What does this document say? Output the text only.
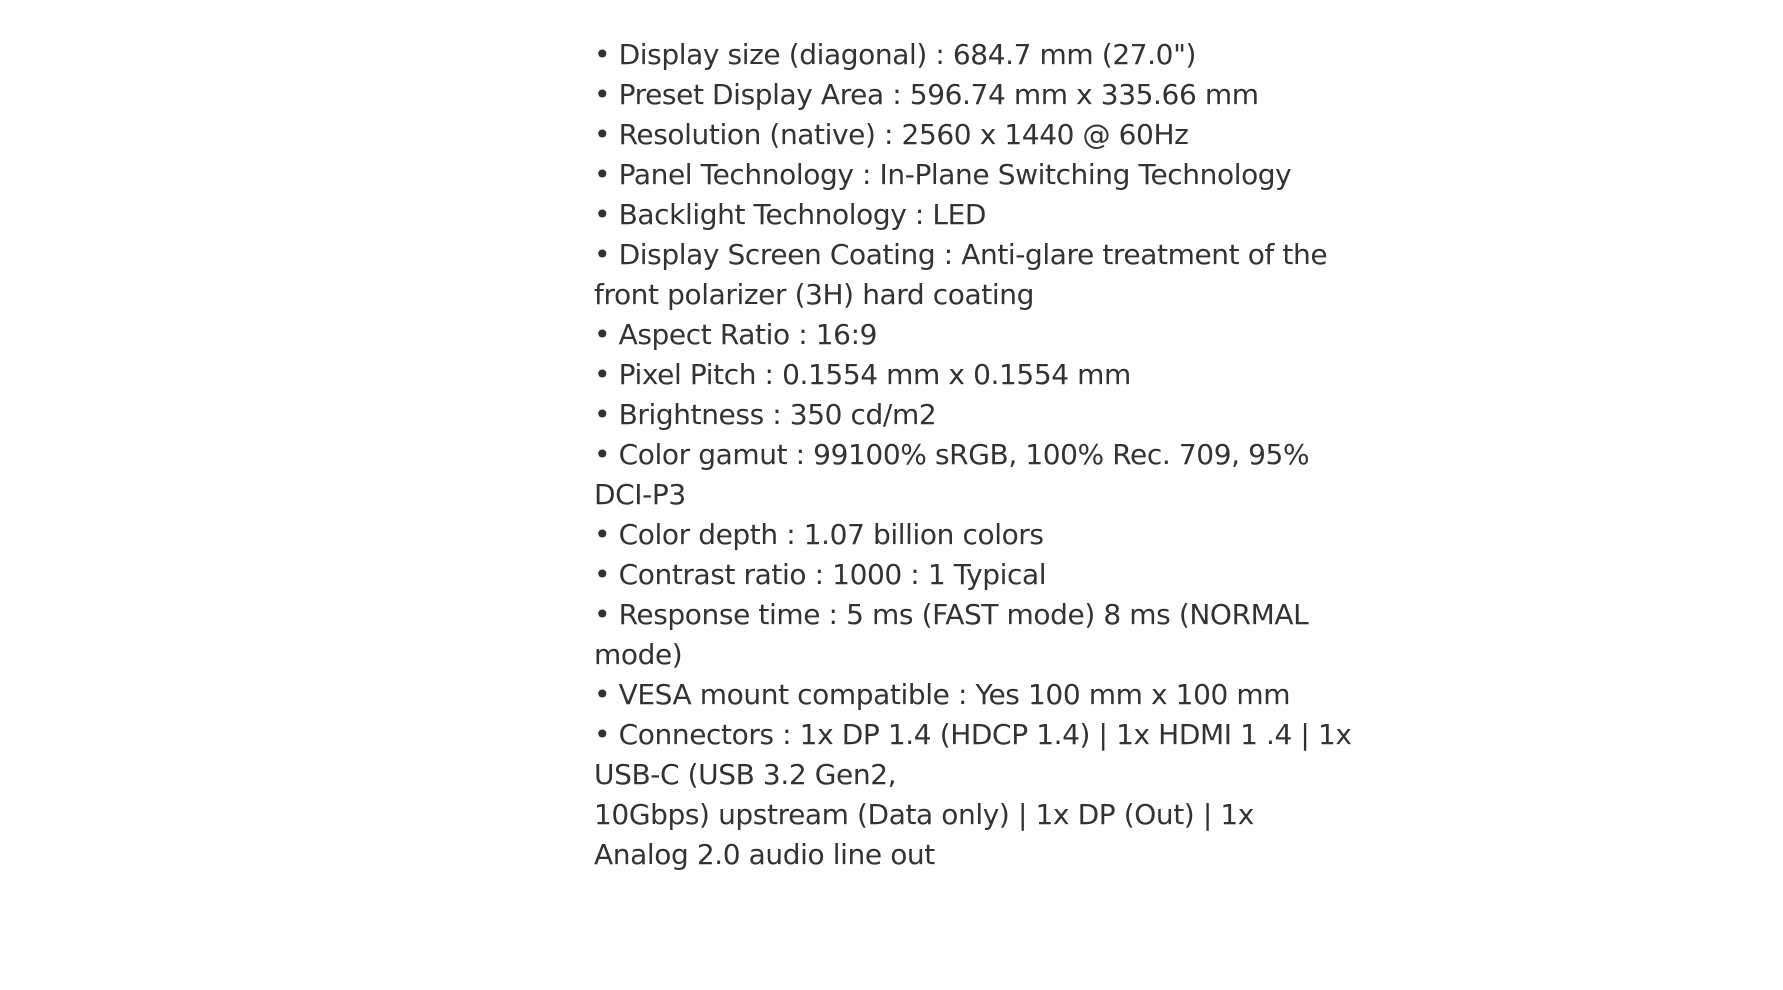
• Display size (diagonal) : 684.7 mm (27.0")
• Preset Display Area : 596.74 mm x 335.66 mm
• Resolution (native) : 2560 x 1440 @ 60Hz
• Panel Technology : In-Plane Switching Technology
• Backlight Technology : LED
• Display Screen Coating : Anti-glare treatment of the
front polarizer (3H) hard coating
• Aspect Ratio : 16:9
• Pixel Pitch : 0.1554 mm x 0.1554 mm
• Brightness : 350 cd/m2
• Color gamut : 99100% sRGB, 100% Rec. 709, 95%
DCI-P3
• Color depth : 1.07 billion colors
• Contrast ratio : 1000 : 1 Typical
• Response time : 5 ms (FAST mode) 8 ms (NORMAL
mode)
• VESA mount compatible : Yes 100 mm x 100 mm
• Connectors : 1x DP 1.4 (HDCP 1.4) | 1x HDMI 1 .4 | 1x
USB-C (USB 3.2 Gen2,
10Gbps) upstream (Data only) | 1x DP (Out) | 1x
Analog 2.0 audio line out
